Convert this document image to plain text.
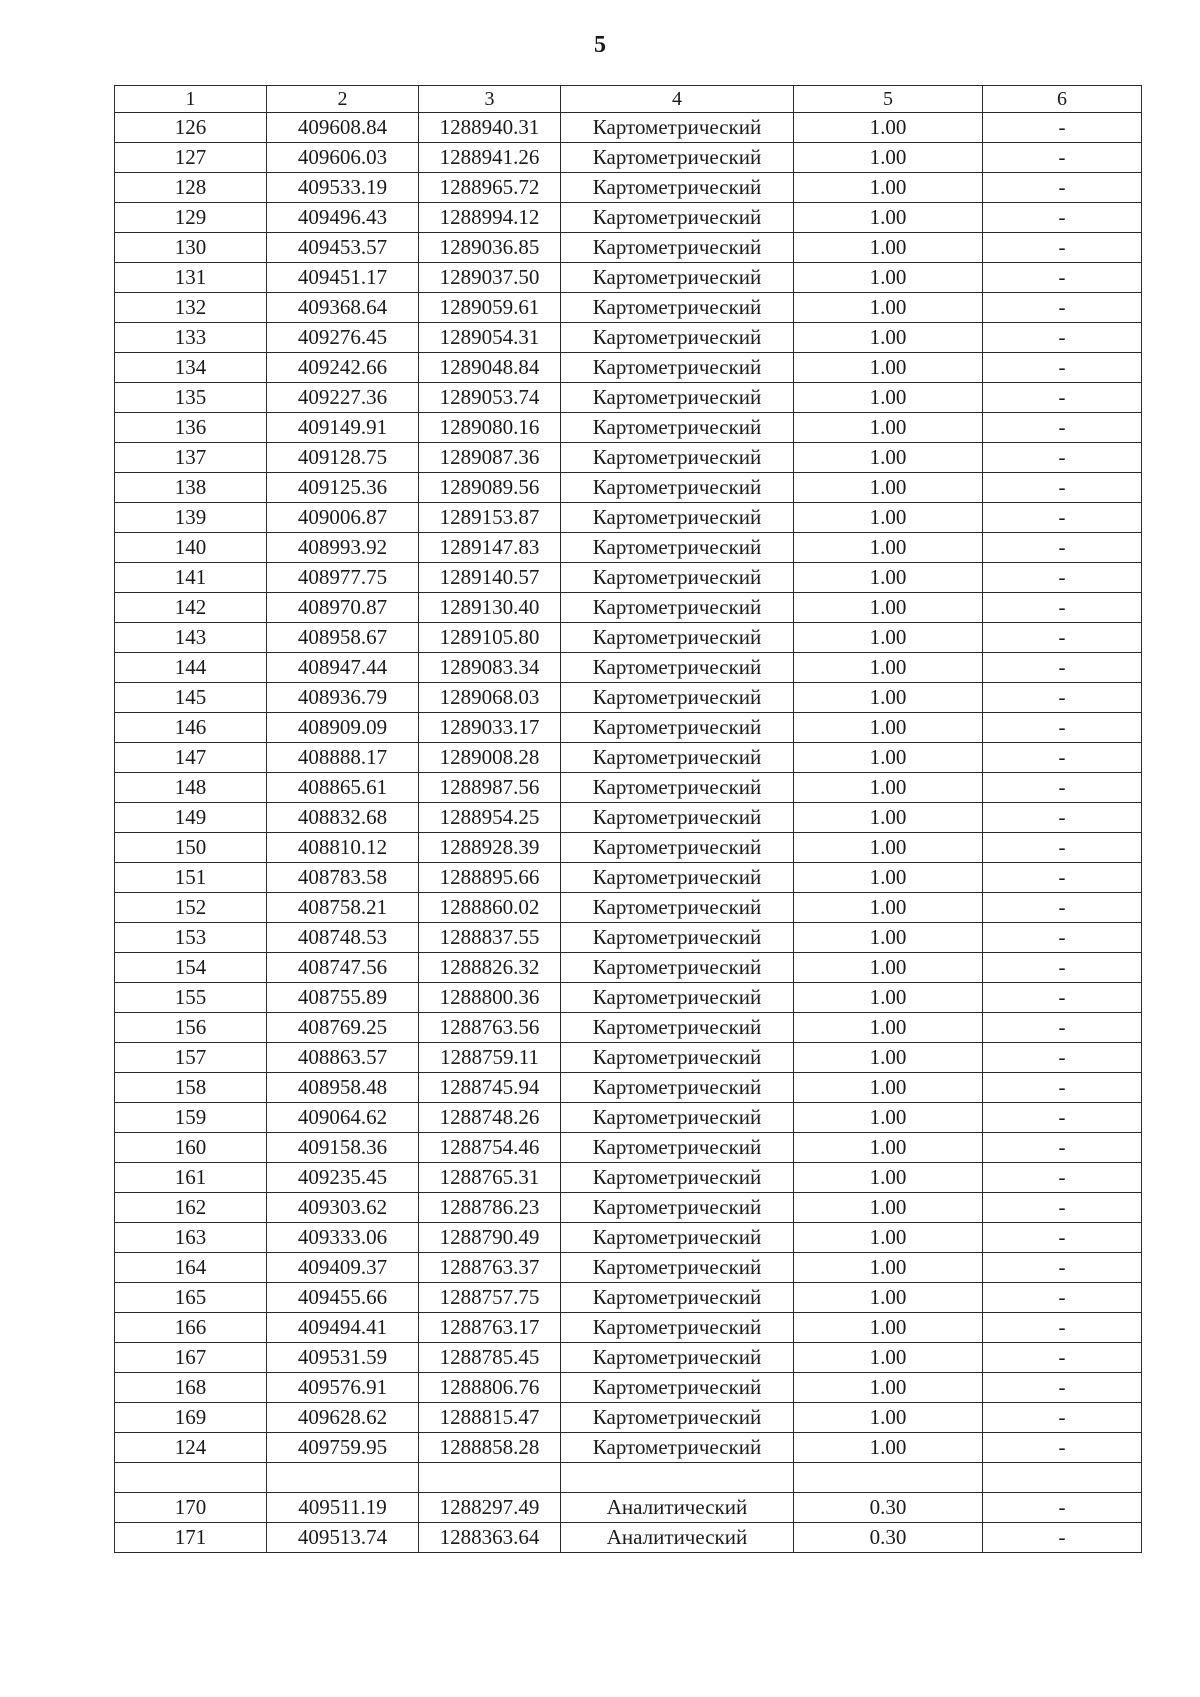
5
1	2	3	4	5	6
126	409608.84	1288940.31	Картометрический	1.00	-
127	409606.03	1288941.26	Картометрический	1.00	-
128	409533.19	1288965.72	Картометрический	1.00	-
129	409496.43	1288994.12	Картометрический	1.00	-
130	409453.57	1289036.85	Картометрический	1.00	-
131	409451.17	1289037.50	Картометрический	1.00	-
132	409368.64	1289059.61	Картометрический	1.00	-
133	409276.45	1289054.31	Картометрический	1.00	-
134	409242.66	1289048.84	Картометрический	1.00	-
135	409227.36	1289053.74	Картометрический	1.00	-
136	409149.91	1289080.16	Картометрический	1.00	-
137	409128.75	1289087.36	Картометрический	1.00	-
138	409125.36	1289089.56	Картометрический	1.00	-
139	409006.87	1289153.87	Картометрический	1.00	-
140	408993.92	1289147.83	Картометрический	1.00	-
141	408977.75	1289140.57	Картометрический	1.00	-
142	408970.87	1289130.40	Картометрический	1.00	-
143	408958.67	1289105.80	Картометрический	1.00	-
144	408947.44	1289083.34	Картометрический	1.00	-
145	408936.79	1289068.03	Картометрический	1.00	-
146	408909.09	1289033.17	Картометрический	1.00	-
147	408888.17	1289008.28	Картометрический	1.00	-
148	408865.61	1288987.56	Картометрический	1.00	-
149	408832.68	1288954.25	Картометрический	1.00	-
150	408810.12	1288928.39	Картометрический	1.00	-
151	408783.58	1288895.66	Картометрический	1.00	-
152	408758.21	1288860.02	Картометрический	1.00	-
153	408748.53	1288837.55	Картометрический	1.00	-
154	408747.56	1288826.32	Картометрический	1.00	-
155	408755.89	1288800.36	Картометрический	1.00	-
156	408769.25	1288763.56	Картометрический	1.00	-
157	408863.57	1288759.11	Картометрический	1.00	-
158	408958.48	1288745.94	Картометрический	1.00	-
159	409064.62	1288748.26	Картометрический	1.00	-
160	409158.36	1288754.46	Картометрический	1.00	-
161	409235.45	1288765.31	Картометрический	1.00	-
162	409303.62	1288786.23	Картометрический	1.00	-
163	409333.06	1288790.49	Картометрический	1.00	-
164	409409.37	1288763.37	Картометрический	1.00	-
165	409455.66	1288757.75	Картометрический	1.00	-
166	409494.41	1288763.17	Картометрический	1.00	-
167	409531.59	1288785.45	Картометрический	1.00	-
168	409576.91	1288806.76	Картометрический	1.00	-
169	409628.62	1288815.47	Картометрический	1.00	-
124	409759.95	1288858.28	Картометрический	1.00	-

170	409511.19	1288297.49	Аналитический	0.30	-
171	409513.74	1288363.64	Аналитический	0.30	-
